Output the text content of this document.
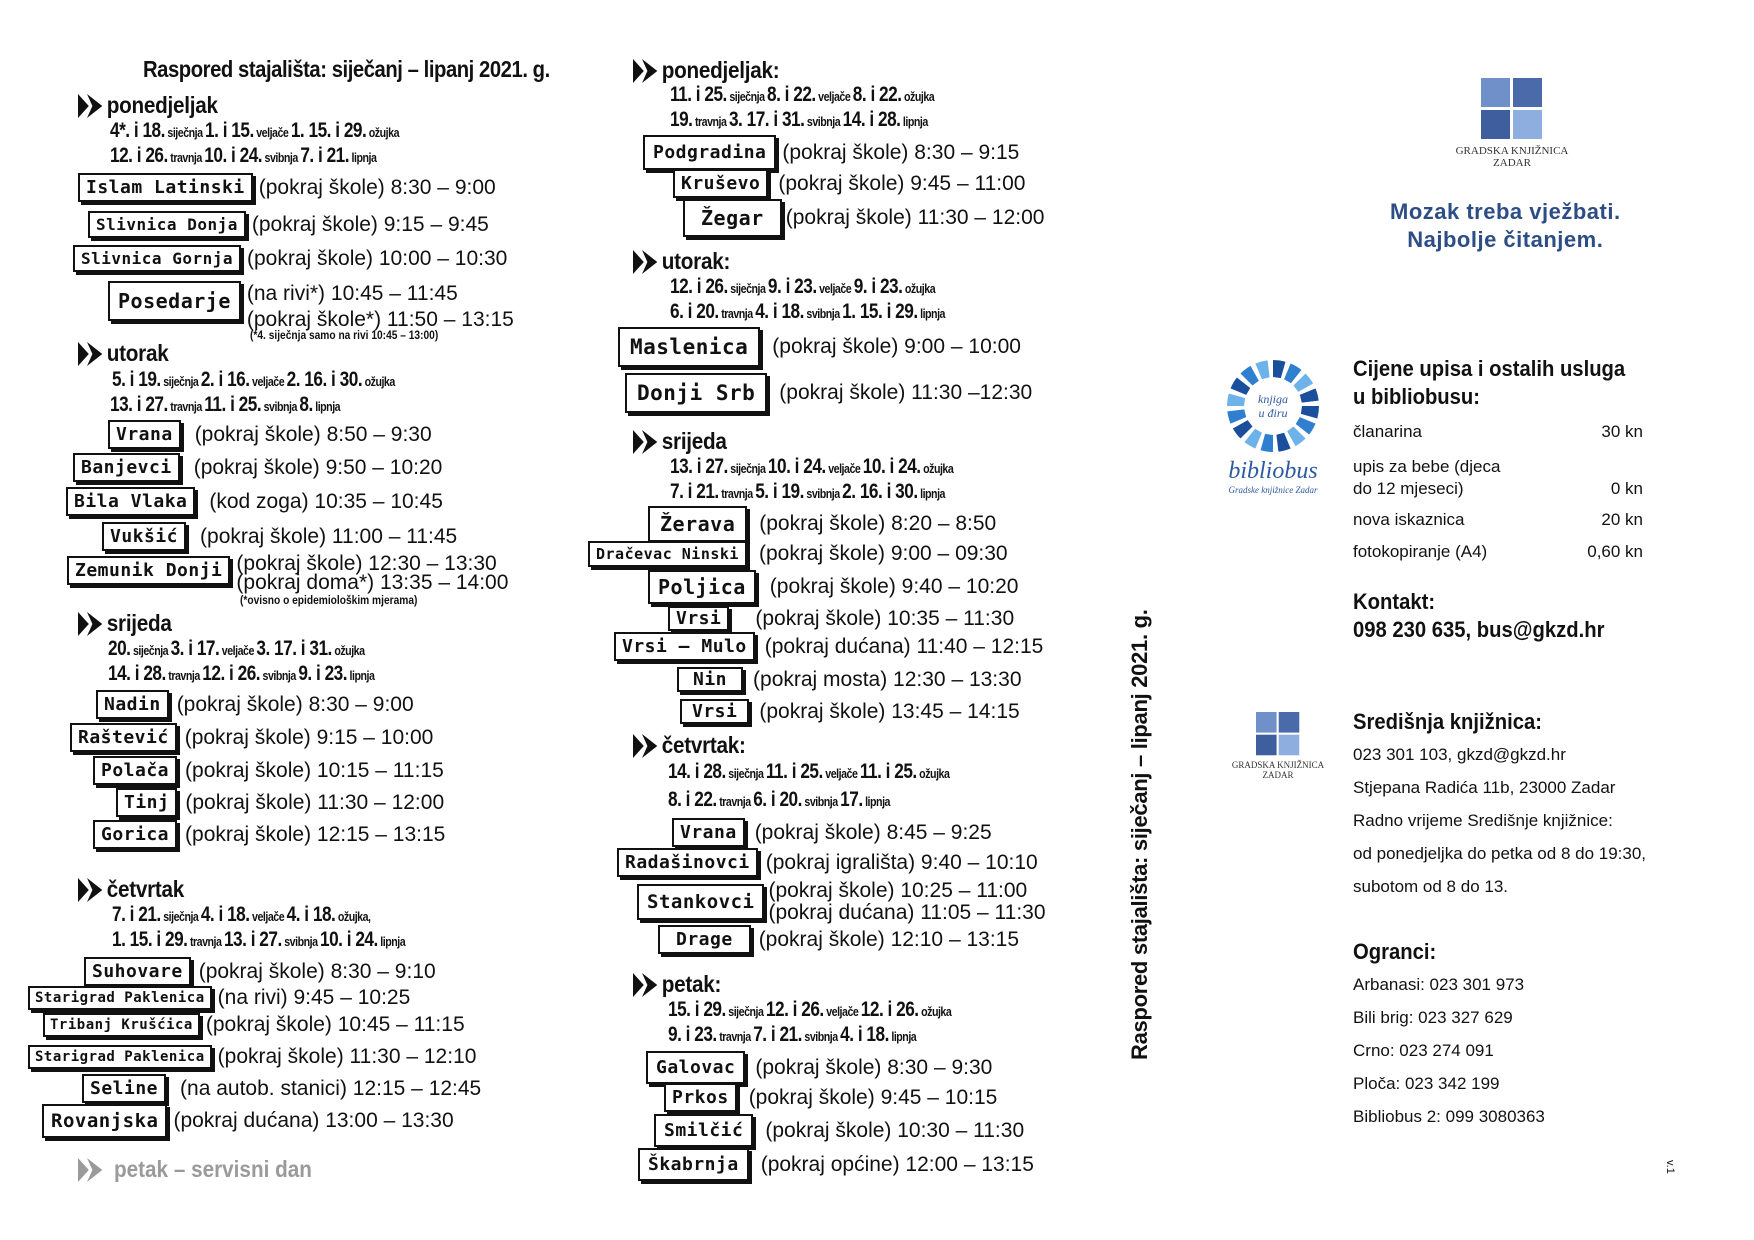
Raspored stajališta: siječanj – lipanj 2021. g.
ponedjeljak
4*. i 18. siječnja 1. i 15. veljače 1. 15. i 29. ožujka
12. i 26. travnja 10. i 24. svibnja 7. i 21. lipnja
Islam Latinski (pokraj škole) 8:30 – 9:00
Slivnica Donja (pokraj škole) 9:15 – 9:45
Slivnica Gornja (pokraj škole) 10:00 – 10:30
Posedarje (na rivi*) 10:45 – 11:45
(pokraj škole*) 11:50 – 13:15
(*4. siječnja samo na rivi 10:45 – 13:00)
utorak
5. i 19. siječnja 2. i 16. veljače 2. 16. i 30. ožujka
13. i 27. travnja 11. i 25. svibnja 8. lipnja
Vrana	(pokraj škole) 8:50 – 9:30
Banjevci	(pokraj škole) 9:50 – 10:20
Bila Vlaka	(kod zoga) 10:35 – 10:45
Vukšić	(pokraj škole) 11:00 – 11:45
Zemunik Donji (pokraj škole) 12:30 – 13:30
(pokraj doma*) 13:35 – 14:00
(*ovisno o epidemiološkim mjerama)
srijeda
20. siječnja 3. i 17. veljače 3. 17. i 31. ožujka
14. i 28. travnja 12. i 26. svibnja 9. i 23. lipnja
Nadin (pokraj škole) 8:30 – 9:00
Raštević (pokraj škole) 9:15 – 10:00
Polača (pokraj škole) 10:15 – 11:15
Tinj (pokraj škole) 11:30 – 12:00
Gorica (pokraj škole) 12:15 – 13:15
četvrtak
7. i 21. siječnja 4. i 18. veljače 4. i 18. ožujka,
1. 15. i 29. travnja 13. i 27. svibnja 10. i 24. lipnja
Suhovare (pokraj škole) 8:30 – 9:10
Starigrad Paklenica (na rivi) 9:45 – 10:25
Tribanj Krušćica (pokraj škole) 10:45 – 11:15
Starigrad Paklenica (pokraj škole) 11:30 – 12:10
Seline	(na autob. stanici) 12:15 – 12:45
Rovanjska (pokraj dućana) 13:00 – 13:30
petak – servisni dan
ponedjeljak:
11. i 25. siječnja 8. i 22. veljače 8. i 22. ožujka
19. travnja 3. 17. i 31. svibnja 14. i 28. lipnja
Podgradina (pokraj škole) 8:30 – 9:15
Kruševo (pokraj škole) 9:45 – 11:00
Žegar	(pokraj škole) 11:30 – 12:00
utorak:
12. i 26. siječnja 9. i 23. veljače 9. i 23. ožujka
6. i 20. travnja 4. i 18. svibnja 1. 15. i 29. lipnja
Maslenica	(pokraj škole) 9:00 – 10:00
Donji Srb	(pokraj škole) 11:30 –12:30
srijeda
13. i 27. siječnja 10. i 24. veljače 10. i 24. ožujka
7. i 21. travnja 5. i 19. svibnja 2. 16. i 30. lipnja
Žerava	(pokraj škole) 8:20 – 8:50
Dračevac Ninski (pokraj škole) 9:00 – 09:30
Poljica	(pokraj škole) 9:40 – 10:20
Vrsi	(pokraj škole) 10:35 – 11:30
Vrsi – Mulo (pokraj dućana) 11:40 – 12:15
Nin	(pokraj mosta) 12:30 – 13:30
Vrsi	(pokraj škole) 13:45 – 14:15
četvrtak:
14. i 28. siječnja 11. i 25. veljače 11. i 25. ožujka
8. i 22. travnja 6. i 20. svibnja 17. lipnja
Vrana (pokraj škole) 8:45 – 9:25
Radašinovci (pokraj igrališta) 9:40 – 10:10
Stankovci (pokraj škole) 10:25 – 11:00
(pokraj dućana) 11:05 – 11:30
Drage	(pokraj škole) 12:10 – 13:15
petak:
15. i 29. siječnja 12. i 26. veljače 12. i 26. ožujka
9. i 23. travnja 7. i 21. svibnja 4. i 18. lipnja
Galovac (pokraj škole) 8:30 – 9:30
Prkos (pokraj škole) 9:45 – 10:15
Smilčić	(pokraj škole) 10:30 – 11:30
Škabrnja	(pokraj općine) 12:00 – 13:15
Raspored stajališta: siječanj – lipanj 2021. g.
GRADSKA KNJIŽNICA
ZADAR
Mozak treba vježbati.
Najbolje čitanjem.
knjiga
u điru
bibliobus
Gradske knjižnice Zadar
Cijene upisa i ostalih usluga
u bibliobusu:
članarina	30 kn
upis za bebe (djeca
do 12 mjeseci)	0 kn
nova iskaznica	20 kn
fotokopiranje (A4)	0,60 kn
Kontakt:
098 230 635, bus@gkzd.hr
GRADSKA KNJIŽNICA
ZADAR
Središnja knjižnica:
023 301 103, gkzd@gkzd.hr
Stjepana Radića 11b, 23000 Zadar
Radno vrijeme Središnje knjižnice:
od ponedjeljka do petka od 8 do 19:30,
subotom od 8 do 13.
Ogranci:
Arbanasi: 023 301 973
Bili brig: 023 327 629
Crno: 023 274 091
Ploča: 023 342 199
Bibliobus 2: 099 3080363
v.1
